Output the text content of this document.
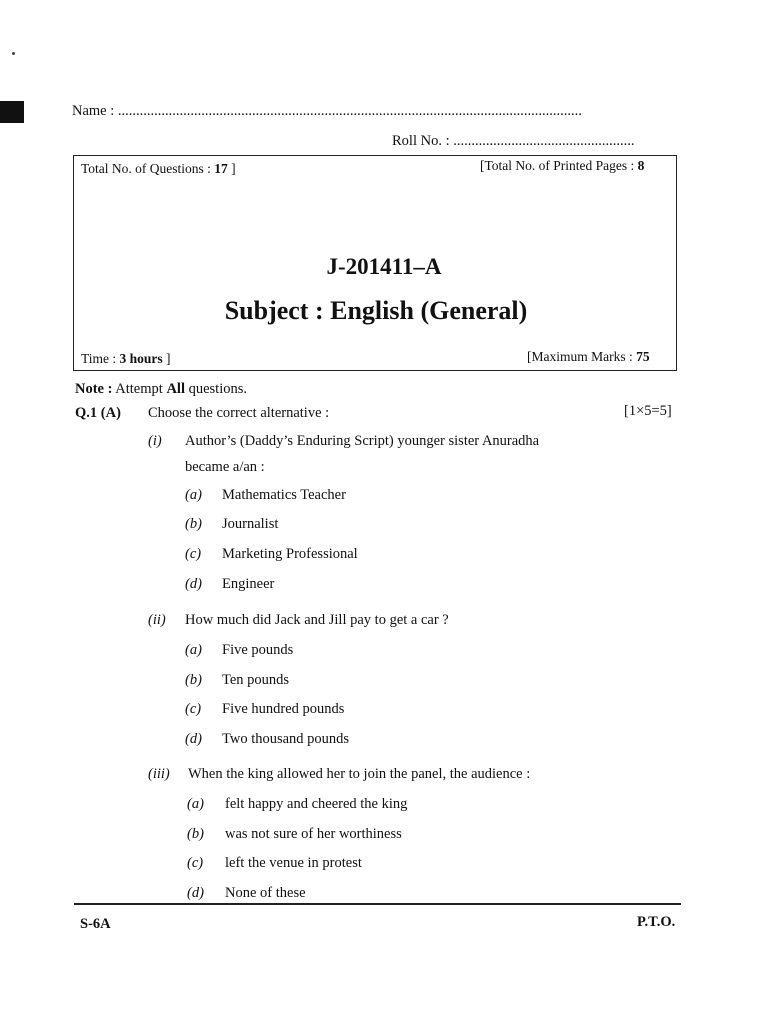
Name : ................................................................................................................................
Roll No. : ..................................................
Total No. of Questions : 17 ]	[Total No. of Printed Pages : 8
J-201411–A
Subject : English (General)
Time : 3 hours ]	[Maximum Marks : 75
Note : Attempt All questions.
Q.1 (A) Choose the correct alternative :	[1×5=5]
(i) Author’s (Daddy’s Enduring Script) younger sister Anuradha
became a/an :
(a) Mathematics Teacher
(b) Journalist
(c) Marketing Professional
(d) Engineer
(ii) How much did Jack and Jill pay to get a car ?
(a) Five pounds
(b) Ten pounds
(c) Five hundred pounds
(d) Two thousand pounds
(iii) When the king allowed her to join the panel, the audience :
(a) felt happy and cheered the king
(b) was not sure of her worthiness
(c) left the venue in protest
(d) None of these
S-6A	P.T.O.
